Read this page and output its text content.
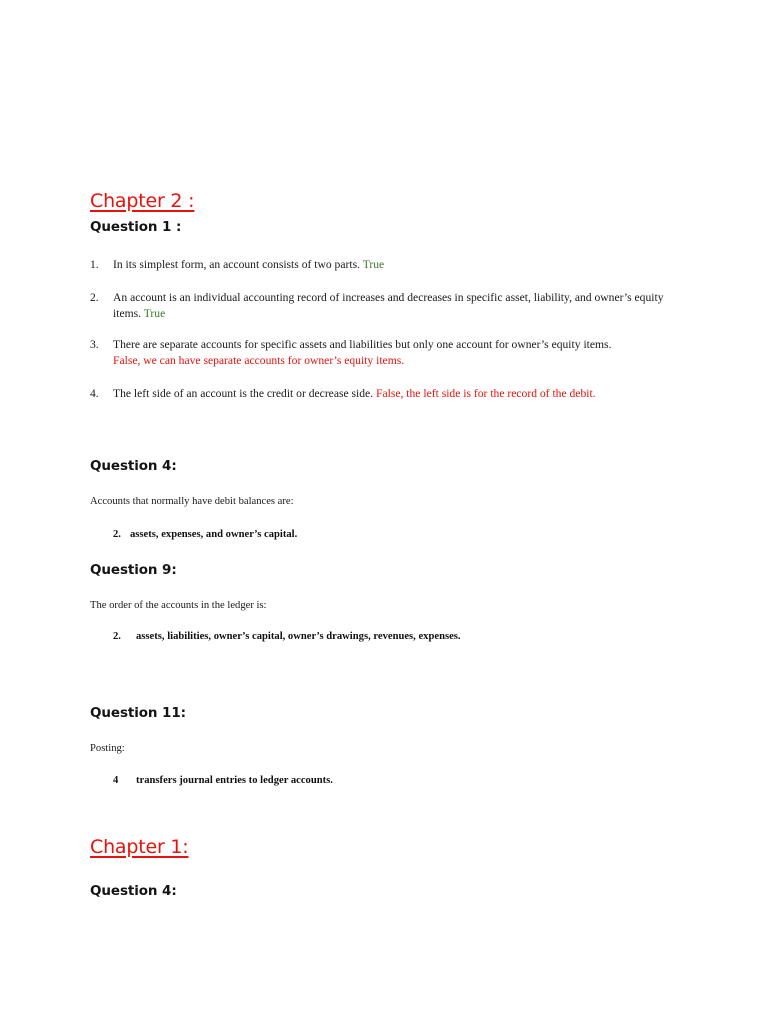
Chapter 2 :
Question 1 :
1. In its simplest form, an account consists of two parts. True
2. An account is an individual accounting record of increases and decreases in specific asset, liability, and owner’s equity items. True
3. There are separate accounts for specific assets and liabilities but only one account for owner’s equity items.
False, we can have separate accounts for owner’s equity items.
4. The left side of an account is the credit or decrease side. False, the left side is for the record of the debit.
Question 4:
Accounts that normally have debit balances are:
2. assets, expenses, and owner’s capital.
Question 9:
The order of the accounts in the ledger is:
2. assets, liabilities, owner’s capital, owner’s drawings, revenues, expenses.
Question 11:
Posting:
4 transfers journal entries to ledger accounts.
Chapter 1:
Question 4:
